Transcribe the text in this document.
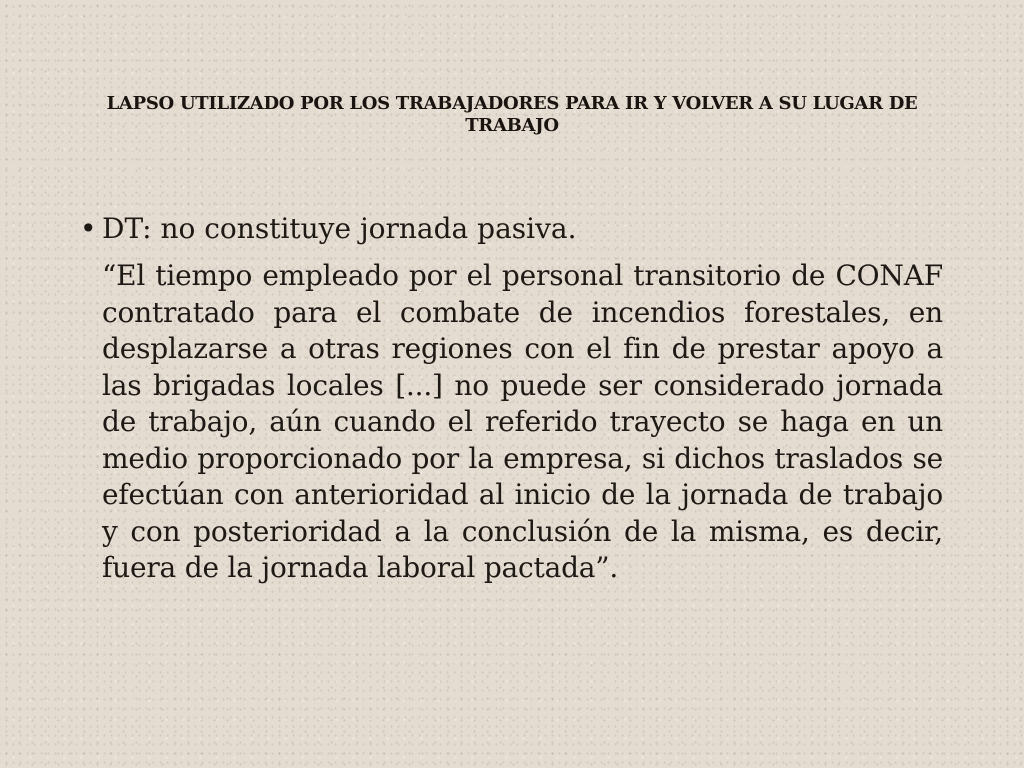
LAPSO UTILIZADO POR LOS TRABAJADORES PARA IR Y VOLVER A SU LUGAR DE TRABAJO
• DT: no constituye jornada pasiva.

“El tiempo empleado por el personal transitorio de CONAF contratado para el combate de incendios forestales, en desplazarse a otras regiones con el fin de prestar apoyo a las brigadas locales [...] no puede ser considerado jornada de trabajo, aún cuando el referido trayecto se haga en un medio proporcionado por la empresa, si dichos traslados se efectúan con anterioridad al inicio de la jornada de trabajo y con posterioridad a la conclusión de la misma, es decir, fuera de la jornada laboral pactada”.
